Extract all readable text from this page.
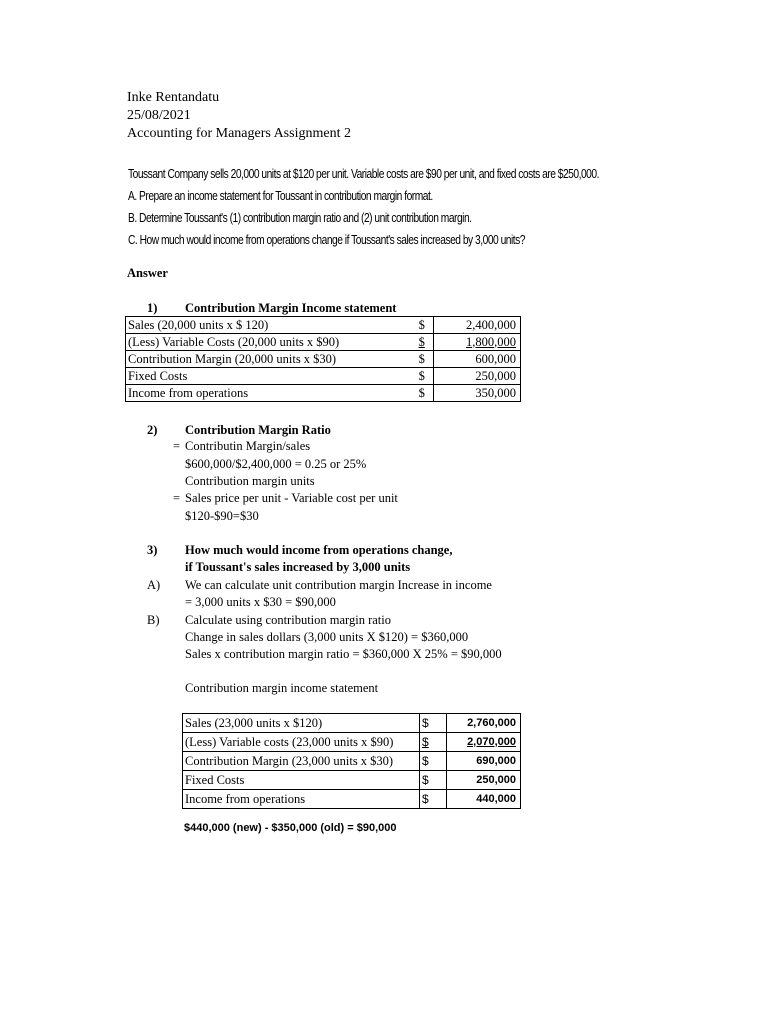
Inke Rentandatu
25/08/2021
Accounting for Managers Assignment 2
Toussant Company sells 20,000 units at $120 per unit. Variable costs are $90 per unit, and fixed costs are $250,000.
A. Prepare an income statement for Toussant in contribution margin format.
B. Determine Toussant's (1) contribution margin ratio and (2) unit contribution margin.
C. How much would income from operations change if Toussant's sales increased by 3,000 units?
Answer
1) Contribution Margin Income statement
Sales (20,000 units x $ 120)	$	2,400,000
(Less) Variable Costs (20,000 units x $90)	$	1,800,000
Contribution Margin (20,000 units x $30)	$	600,000
Fixed Costs	$	250,000
Income from operations	$	350,000
2) Contribution Margin Ratio
= Contributin Margin/sales
$600,000/$2,400,000 = 0.25 or 25%
Contribution margin units
= Sales price per unit - Variable cost per unit
$120-$90=$30
3) How much would income from operations change,
if Toussant's sales increased by 3,000 units
A) We can calculate unit contribution margin Increase in income
= 3,000 units x $30 = $90,000
B) Calculate using contribution margin ratio
Change in sales dollars (3,000 units X $120) = $360,000
Sales x contribution margin ratio = $360,000 X 25% = $90,000
Contribution margin income statement
Sales (23,000 units x $120)	$	2,760,000
(Less) Variable costs (23,000 units x $90)	$	2,070,000
Contribution Margin (23,000 units x $30)	$	690,000
Fixed Costs	$	250,000
Income from operations	$	440,000
$440,000 (new) - $350,000 (old) = $90,000
